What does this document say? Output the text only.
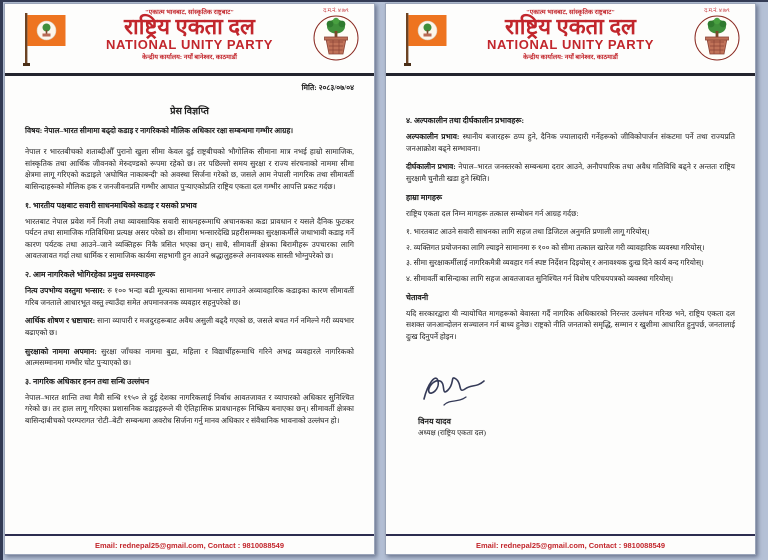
"एकात्म भावबाट, सांस्कृतिक राष्ट्रबाट"
राष्ट्रिय एकता दल
NATIONAL UNITY PARTY
केन्द्रीय कार्यालय: नयाँ बानेश्वर, काठमाडौं
द.म.नं. ४।७९
मिति: २०८३/०७/०४
प्रेस विज्ञप्ति
विषय: नेपाल–भारत सीमामा बढ्दो कडाइ र नागरिकको मौलिक अधिकार रक्षा सम्बन्धमा गम्भीर आग्रह।

नेपाल र भारतबीचको शताब्दीऔँ पुरानो खुला सीमा केवल दुई राष्ट्रबीचको भौगोलिक सीमाना मात्र नभई हाम्रो सामाजिक, सांस्कृतिक तथा आर्थिक जीवनको मेरुदण्डको रूपमा रहेको छ। तर पछिल्लो समय सुरक्षा र राज्य संरचनाको नाममा सीमा क्षेत्रमा लागू गरिएको कडाइले 'अघोषित नाकाबन्दी' को अवस्था सिर्जना गरेको छ, जसले आम नेपाली नागरिक तथा सीमावर्ती बासिन्दाहरूको मौलिक हक र जनजीवनप्रति गम्भीर आघात पुर्‍याएकोप्रति राष्ट्रिय एकता दल गम्भीर आपत्ति प्रकट गर्दछ।

१. भारतीय पक्षबाट सवारी साधनमाथिको कडाइ र यसको प्रभाव

भारतबाट नेपाल प्रवेश गर्ने निजी तथा व्यावसायिक सवारी साधनहरूमाथि अचानकका कडा प्रावधान र यसले दैनिक फुटकर पर्यटन तथा सामाजिक गतिविधिमा प्रत्यक्ष असर परेको छ। सीमामा भन्सारदेखि प्रहरीसम्मका सुरक्षाकर्मीले जथाभावी कडाइ गर्ने कारण पर्यटक तथा आउने–जाने व्यक्तिहरू निकै त्रसित भएका छन्। साथै, सीमावर्ती क्षेत्रका बिरामीहरू उपचारका लागि आवतजावत गर्दा तथा धार्मिक र सामाजिक कार्यमा सहभागी हुन आउने श्रद्धालुहरूले अनावश्यक सास्ती भोग्नुपरेको छ।

२. आम नागरिकले भोगिरहेका प्रमुख समस्याहरू

नित्य उपभोग्य वस्तुमा भन्सार: रु १०० भन्दा बढी मूल्यका सामानमा भन्सार लगाउने अव्यावहारिक कडाइका कारण सीमावर्ती गरिब जनताले आधारभूत वस्तु ल्याउँदा समेत अपमानजनक व्यवहार सहनुपरेको छ।

आर्थिक शोषण र भ्रष्टाचार: साना व्यापारी र मजदुरहरूबाट अवैध असुली बढ्दै गएको छ, जसले बचत गर्न नमिल्ने गरी व्ययभार बढाएको छ।

सुरक्षाको नाममा अपमान: सुरक्षा जाँचका नाममा बुढा, महिला र विद्यार्थीहरूमाथि गरिने अभद्र व्यवहारले नागरिकको आत्मसम्मानमा गम्भीर चोट पुर्‍याएको छ।

३. नागरिक अधिकार हनन तथा सन्धि उल्लंघन

नेपाल–भारत शान्ति तथा मैत्री सन्धि १९५० ले दुई देशका नागरिकलाई निर्बाध आवतजावत र व्यापारको अधिकार सुनिश्चित गरेको छ। तर हाल लागू गरिएका प्रशासनिक कडाइहरूले यी ऐतिहासिक प्रावधानहरू निष्क्रिय बनाएका छन्। सीमावर्ती क्षेत्रका बासिन्दाबीचको परम्परागत 'रोटी–बेटी' सम्बन्धमा अवरोध सिर्जना गर्नु मानव अधिकार र संवैधानिक भावनाको उल्लंघन हो।

Email: rednepal25@gmail.com, Contact : 9810088549
"एकात्म भावबाट, सांस्कृतिक राष्ट्रबाट"
राष्ट्रिय एकता दल
NATIONAL UNITY PARTY
केन्द्रीय कार्यालय: नयाँ बानेश्वर, काठमाडौं
द.म.नं. ४।७९
४. अल्पकालीन तथा दीर्घकालीन प्रभावहरू:

अल्पकालीन प्रभाव: स्थानीय बजारहरू ठप्प हुने, दैनिक ज्यालादारी गर्नेहरूको जीविकोपार्जन संकटमा पर्ने तथा राज्यप्रति जनआक्रोश बढ्ने सम्भावना।

दीर्घकालीन प्रभाव: नेपाल–भारत जनस्तरको सम्बन्धमा दरार आउने, अनौपचारिक तथा अवैध गतिविधि बढ्ने र अन्ततः राष्ट्रिय सुरक्षामै चुनौती खडा हुने स्थिति।

हाम्रा मागहरू

राष्ट्रिय एकता दल निम्न मागहरू तत्काल सम्बोधन गर्न आग्रह गर्दछ:

१. भारतबाट आउने सवारी साधनका लागि सहज तथा डिजिटल अनुमति प्रणाली लागू गरियोस्।
२. व्यक्तिगत प्रयोजनका लागि ल्याइने सामानमा रु १०० को सीमा तत्काल खारेज गरी व्यावहारिक व्यवस्था गरियोस्।
३. सीमा सुरक्षाकर्मीलाई नागरिकमैत्री व्यवहार गर्न स्पष्ट निर्देशन दिइयोस् र अनावश्यक दुःख दिने कार्य बन्द गरियोस्।
४. सीमावर्ती बासिन्दाका लागि सहज आवतजावत सुनिश्चित गर्न विशेष परिचयपत्रको व्यवस्था गरियोस्।
चेतावनी

यदि सरकारद्वारा यी न्यायोचित मागहरूको बेवास्ता गर्दै नागरिक अधिकारको निरन्तर उल्लंघन गरिन्छ भने, राष्ट्रिय एकता दल सशक्त जनआन्दोलन सञ्चालन गर्न बाध्य हुनेछ। राष्ट्रको नीति जनताको समृद्धि, सम्मान र खुशीमा आधारित हुनुपर्छ, जनतालाई दुःख दिनुपर्ने होइन।

विनय यादव
अध्यक्ष (राष्ट्रिय एकता दल)
Email: rednepal25@gmail.com, Contact : 9810088549
